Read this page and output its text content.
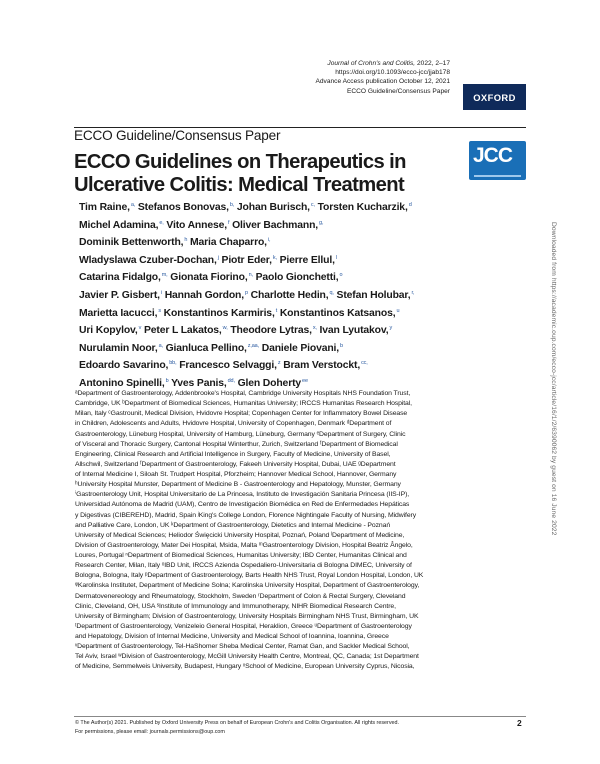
Journal of Crohn's and Colitis, 2022, 2–17
https://doi.org/10.1093/ecco-jcc/jjab178
Advance Access publication October 12, 2021
ECCO Guideline/Consensus Paper
OXFORD
ECCO Guideline/Consensus Paper
ECCO Guidelines on Therapeutics in Ulcerative Colitis: Medical Treatment
JCC
Tim Raine,$^{a,}$ Stefanos Bonovas,$^{b,}$ Johan Burisch,$^{c,}$ Torsten Kucharzik,$^d$
Michel Adamina,$^{e,}$ Vito Annese,$^f$ Oliver Bachmann,$^{g,}$
Dominik Bettenworth,$^h$ Maria Chaparro,$^{i,}$
Wladyslawa Czuber-Dochan,$^j$ Piotr Eder,$^{k,}$ Pierre Ellul,$^l$
Catarina Fidalgo,$^{m,}$ Gionata Fiorino,$^{n,}$ Paolo Gionchetti,$^o$
Javier P. Gisbert,$^i$ Hannah Gordon,$^p$ Charlotte Hedin,$^{q,}$ Stefan Holubar,$^{r,}$
Marietta Iacucci,$^s$ Konstantinos Karmiris,$^t$ Konstantinos Katsanos,$^u$
Uri Kopylov,$^v$ Peter L Lakatos,$^{w,}$ Theodore Lytras,$^{x,}$ Ivan Lyutakov,$^y$
Nurulamin Noor,$^{a,}$ Gianluca Pellino,$^{z,aa,}$ Daniele Piovani,$^b$
Edoardo Savarino,$^{bb,}$ Francesco Selvaggi,$^z$ Bram Verstockt,$^{cc,}$
Antonino Spinelli,$^b$ Yves Panis,$^{dd,}$ Glen Doherty$^{ee}$
ᵃDepartment of Gastroenterology, Addenbrooke's Hospital, Cambridge University Hospitals NHS Foundation Trust,
Cambridge, UK ᵇDepartment of Biomedical Sciences, Humanitas University; IRCCS Humanitas Research Hospital,
Milan, Italy ᶜGastrounit, Medical Division, Hvidovre Hospital; Copenhagen Center for Inflammatory Bowel Disease
in Children, Adolescents and Adults, Hvidovre Hospital, University of Copenhagen, Denmark ᵈDepartment of
Gastroenterology, Lüneburg Hospital, University of Hamburg, Lüneburg, Germany ᵉDepartment of Surgery, Clinic
of Visceral and Thoracic Surgery, Cantonal Hospital Winterthur, Zurich, Switzerland ᶠDepartment of Biomedical
Engineering, Clinical Research and Artificial Intelligence in Surgery, Faculty of Medicine, University of Basel,
Allschwil, Switzerland ᶠDepartment of Gastroenterology, Fakeeh University Hospital, Dubai, UAE ᵍDepartment
of Internal Medicine I, Siloah St. Trudpert Hospital, Pforzheim; Hannover Medical School, Hannover, Germany
ʰUniversity Hospital Munster, Department of Medicine B - Gastroenterology and Hepatology, Munster, Germany
ⁱGastroenterology Unit, Hospital Universitario de La Princesa, Instituto de Investigación Sanitaria Princesa (IIS-IP),
Universidad Autónoma de Madrid (UAM), Centro de Investigación Biomédica en Red de Enfermedades Hepáticas
y Digestivas (CIBEREHD), Madrid, Spain ʲKing's College London, Florence Nightingale Faculty of Nursing, Midwifery
and Palliative Care, London, UK ᵏDepartment of Gastroenterology, Dietetics and Internal Medicine - Poznań
University of Medical Sciences; Heliodor Święcicki University Hospital, Poznań, Poland ˡDepartment of Medicine,
Division of Gastroenterology, Mater Dei Hospital, Msida, Malta ᵐGastroenterology Division, Hospital Beatriz Ângelo,
Loures, Portugal ⁿDepartment of Biomedical Sciences, Humanitas University; IBD Center, Humanitas Clinical and
Research Center, Milan, Italy ᵒIBD Unit, IRCCS Azienda Ospedaliero-Universitaria di Bologna DIMEC, University of
Bologna, Bologna, Italy ᵖDepartment of Gastroenterology, Barts Health NHS Trust, Royal London Hospital, London, UK
ᵠKarolinska Institutet, Department of Medicine Solna; Karolinska University Hospital, Department of Gastroenterology,
Dermatovenereology and Rheumatology, Stockholm, Sweden ʳDepartment of Colon & Rectal Surgery, Cleveland
Clinic, Cleveland, OH, USA ˢInstitute of Immunology and Immunotherapy, NIHR Biomedical Research Centre,
University of Birmingham; Division of Gastroenterology, University Hospitals Birmingham NHS Trust, Birmingham, UK
ᵗDepartment of Gastroenterology, Venizeleio General Hospital, Heraklion, Greece ᵘDepartment of Gastroenterology
and Hepatology, Division of Internal Medicine, University and Medical School of Ioannina, Ioannina, Greece
ᵛDepartment of Gastroenterology, Tel-HaShomer Sheba Medical Center, Ramat Gan, and Sackler Medical School,
Tel Aviv, Israel ʷDivision of Gastroenterology, McGill University Health Centre, Montreal, QC, Canada; 1st Department
of Medicine, Semmelweis University, Budapest, Hungary ˣSchool of Medicine, European University Cyprus, Nicosia,
© The Author(s) 2021. Published by Oxford University Press on behalf of European Crohn's and Colitis Organisation. All rights reserved.
For permissions, please email: journals.permissions@oup.com
2
Downloaded from https://academic.oup.com/ecco-jcc/article/16/1/2/6390062 by guest on 16 June 2022
